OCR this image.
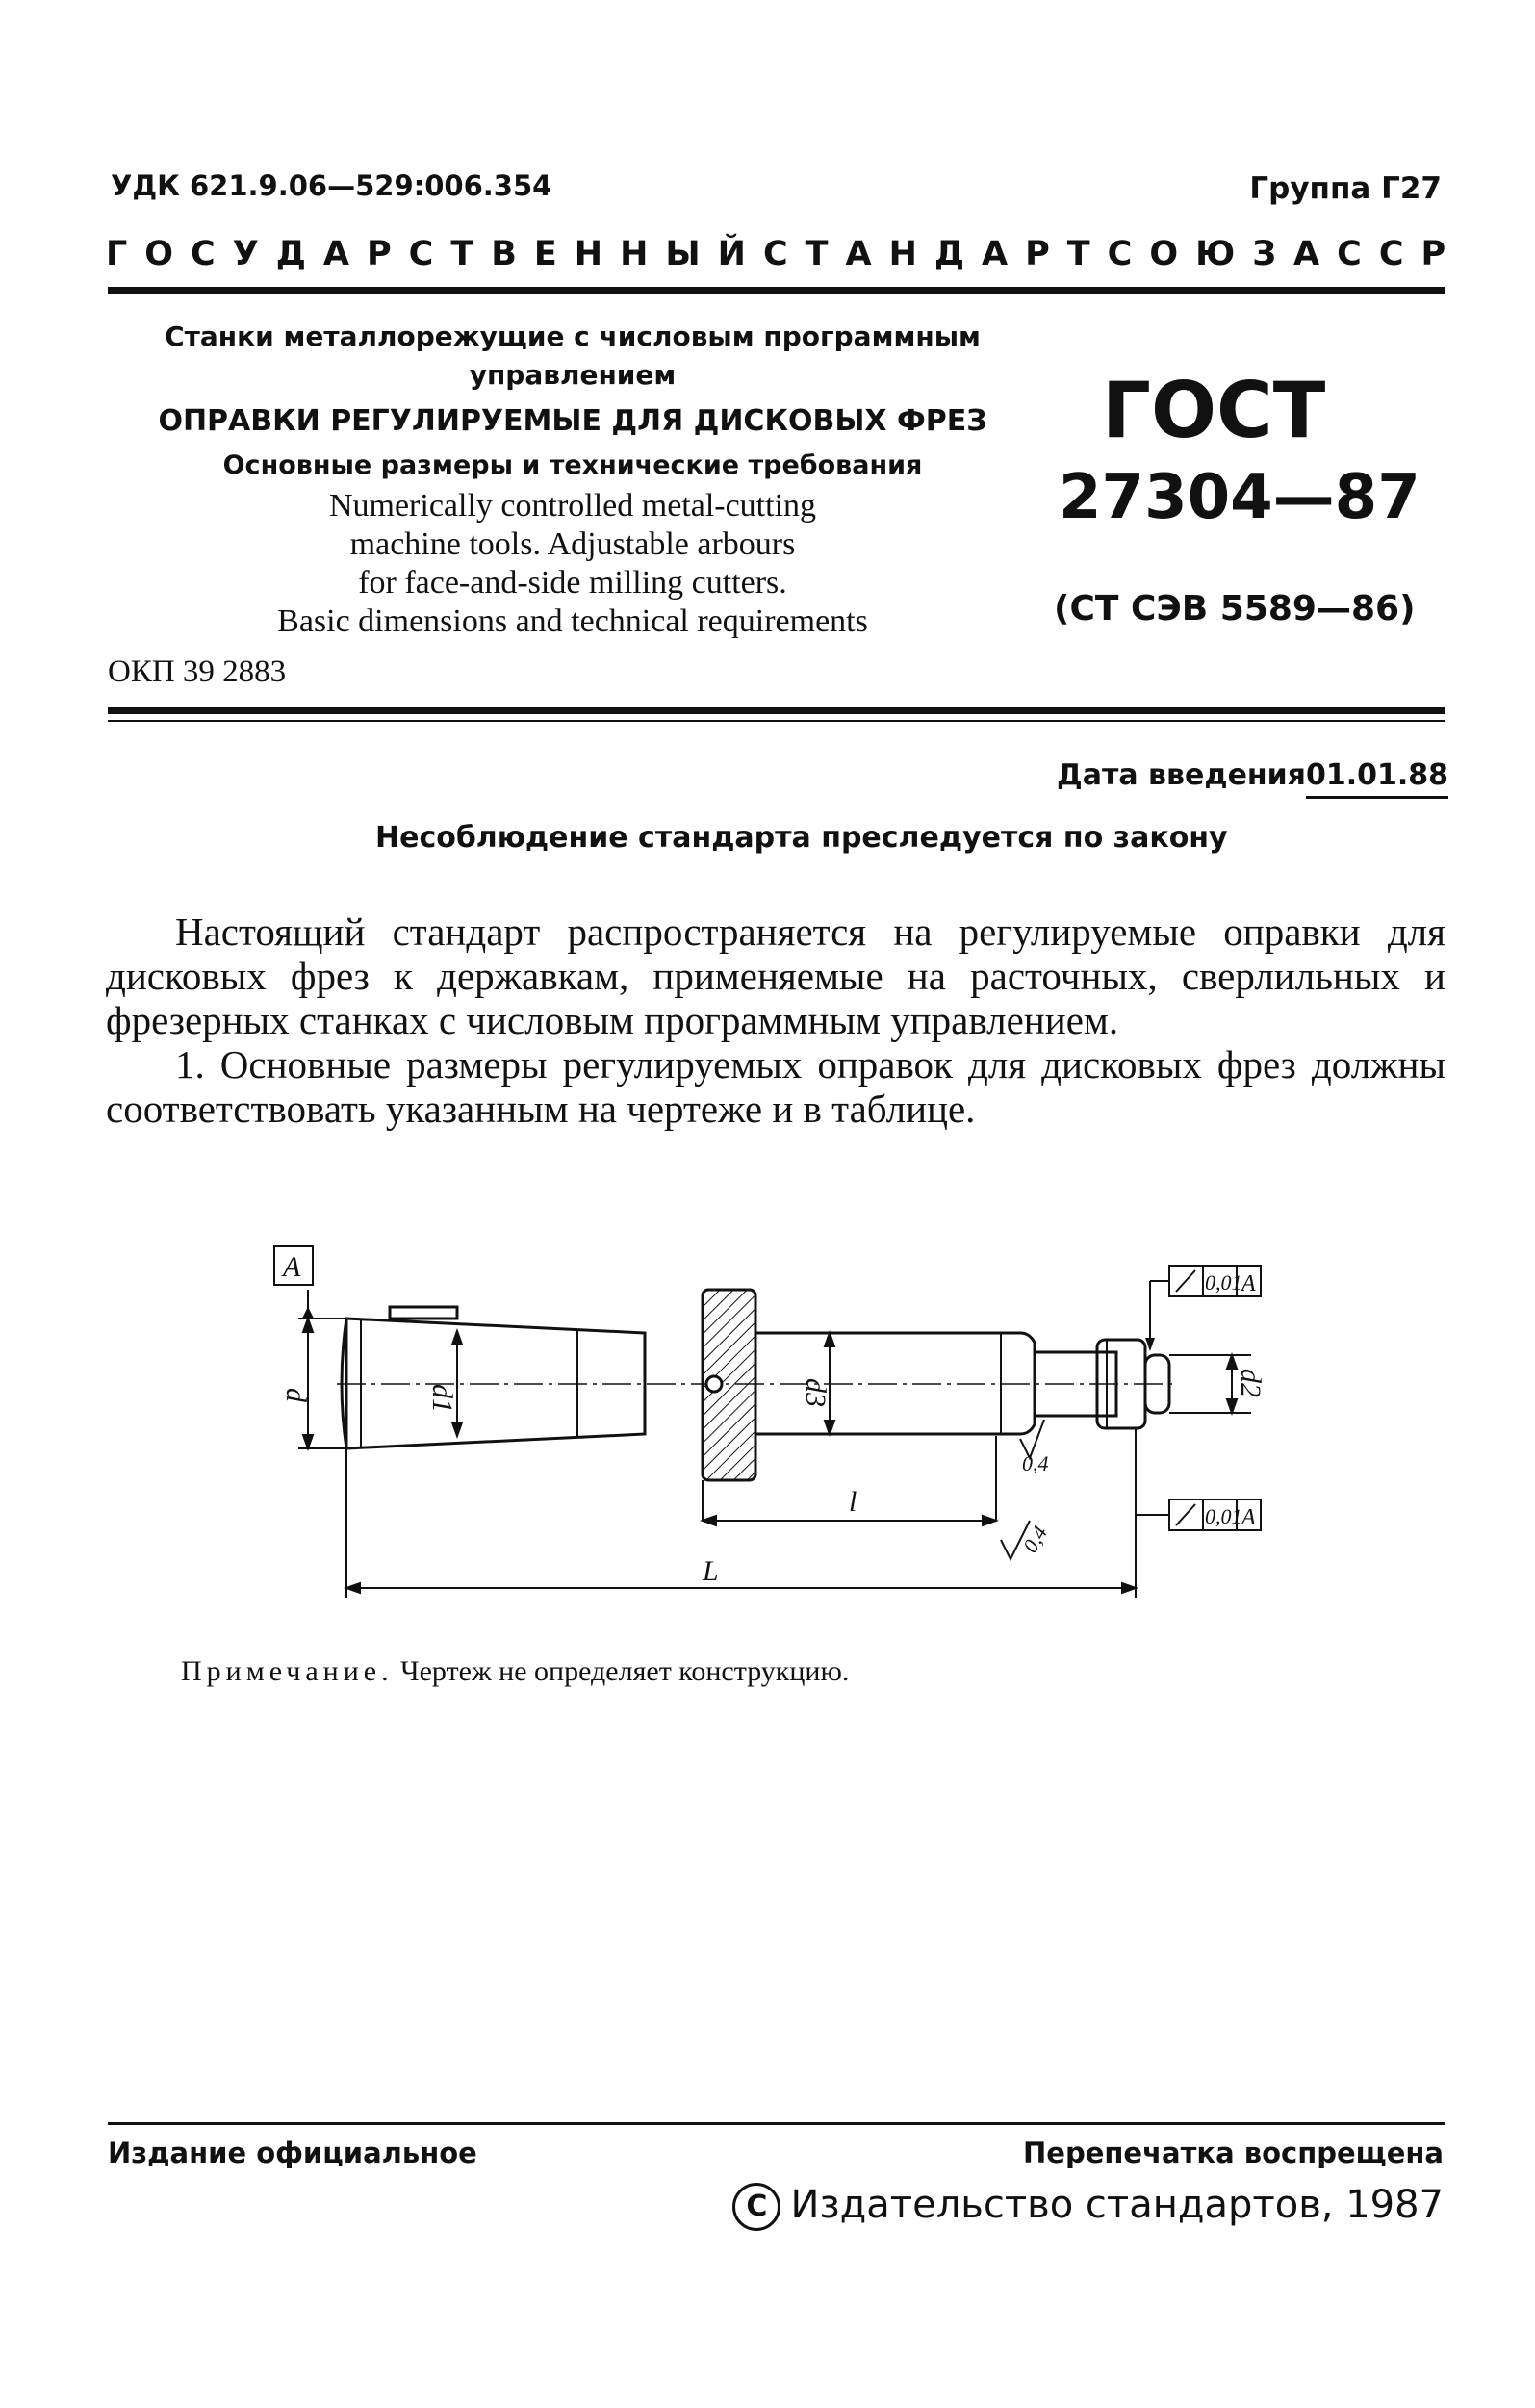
УДК 621.9.06—529:006.354	Группа Г27
ГОСУДАРСТВЕННЫЙ СТАНДАРТ СОЮЗА ССР
Станки металлорежущие с числовым программным
управлением
ОПРАВКИ РЕГУЛИРУЕМЫЕ ДЛЯ ДИСКОВЫХ ФРЕЗ
Основные размеры и технические требования
Numerically controlled metal-cutting
machine tools. Adjustable arbours
for face-and-side milling cutters.
Basic dimensions and technical requirements
ОКП 39 2883
ГОСТ
27304—87
(СТ СЭВ 5589—86)
Дата введения 01.01.88
Несоблюдение стандарта преследуется по закону

Настоящий стандарт распространяется на регулируемые оправки для дисковых фрез к державкам, применяемые на расточных, сверлильных и фрезерных станках с числовым программным управлением.

1. Основные размеры регулируемых оправок для дисковых фрез должны соответствовать указанным на чертеже и в таблице.

А
d	d1	d3	d2
l
L
0,4
0,4
0,01 А
0,01 А
Примечание. Чертеж не определяет конструкцию.
Издание официальное	Перепечатка воспрещена
C Издательство стандартов, 1987
